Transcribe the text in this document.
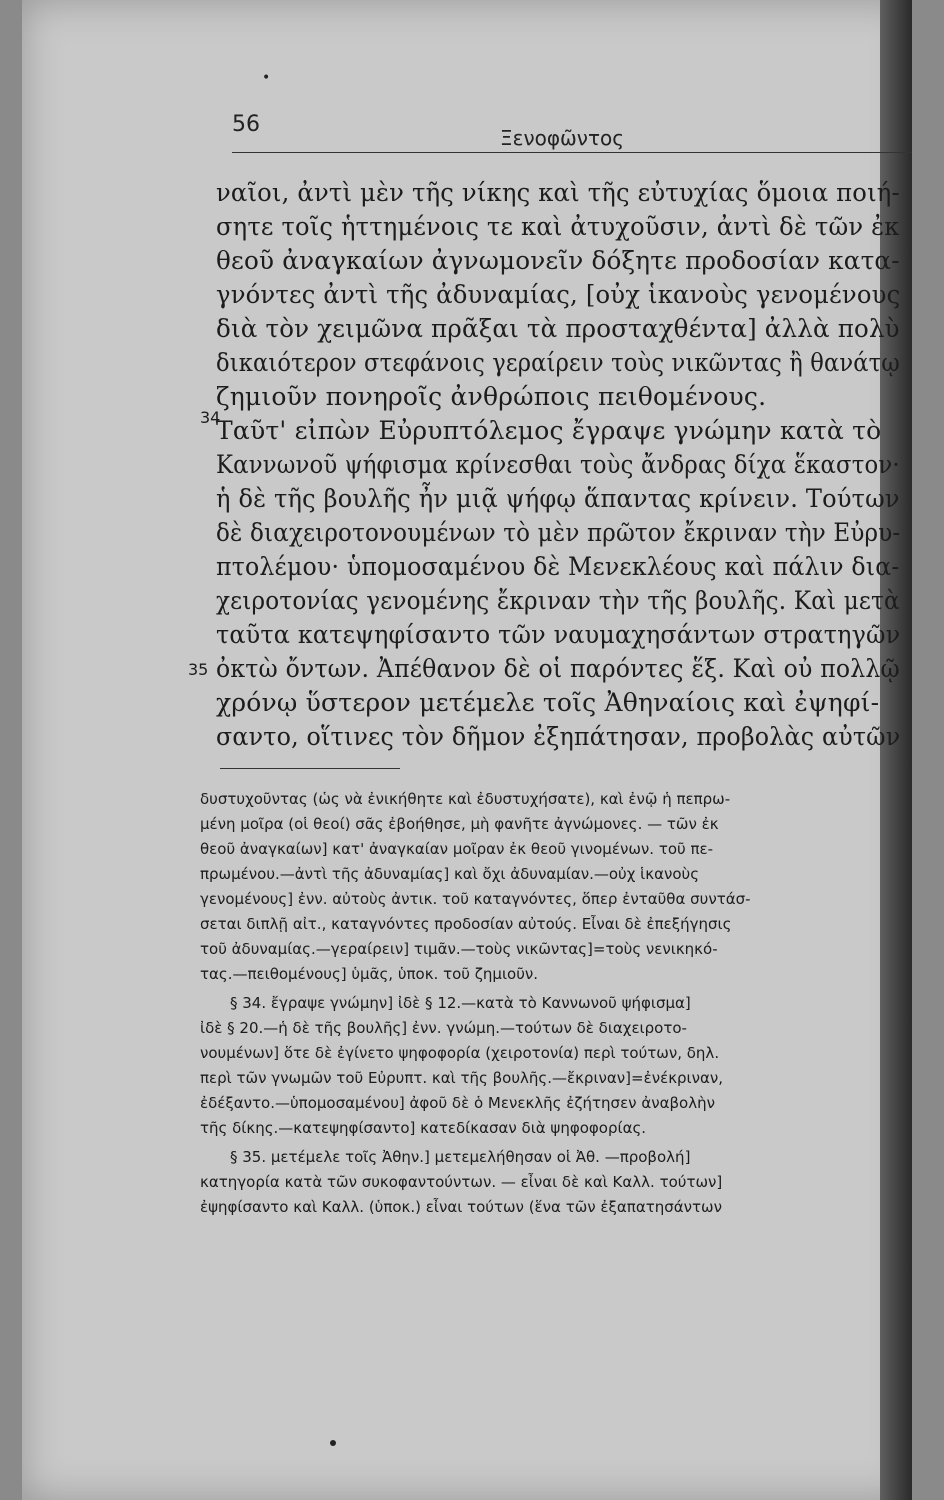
•
56
Ξενοφῶντος
34
35
ναῖοι, ἀντὶ μὲν τῆς νίκης καὶ τῆς εὐτυχίας ὅμοια ποιή-
σητε τοῖς ἡττημένοις τε καὶ ἀτυχοῦσιν, ἀντὶ δὲ τῶν ἐκ
θεοῦ ἀναγκαίων ἀγνωμονεῖν δόξητε προδοσίαν κατα-
γνόντες ἀντὶ τῆς ἀδυναμίας, [οὐχ ἱκανοὺς γενομένους
διὰ τὸν χειμῶνα πρᾶξαι τὰ προσταχθέντα] ἀλλὰ πολὺ
δικαιότερον στεφάνοις γεραίρειν τοὺς νικῶντας ἢ θανάτῳ
ζημιοῦν πονηροῖς ἀνθρώποις πειθομένους.
Ταῦτ' εἰπὼν Εὐρυπτόλεμος ἔγραψε γνώμην κατὰ τὸ
Καννωνοῦ ψήφισμα κρίνεσθαι τοὺς ἄνδρας δίχα ἕκαστον·
ἡ δὲ τῆς βουλῆς ἦν μιᾷ ψήφῳ ἅπαντας κρίνειν. Τούτων
δὲ διαχειροτονουμένων τὸ μὲν πρῶτον ἔκριναν τὴν Εὐρυ-
πτολέμου· ὑπομοσαμένου δὲ Μενεκλέους καὶ πάλιν δια-
χειροτονίας γενομένης ἔκριναν τὴν τῆς βουλῆς. Καὶ μετὰ
ταῦτα κατεψηφίσαντο τῶν ναυμαχησάντων στρατηγῶν
ὀκτὼ ὄντων. Ἀπέθανον δὲ οἱ παρόντες ἕξ. Καὶ οὐ πολλῷ
χρόνῳ ὕστερον μετέμελε τοῖς Ἀθηναίοις καὶ ἐψηφί-
σαντο, οἵτινες τὸν δῆμον ἐξηπάτησαν, προβολὰς αὐτῶν
δυστυχοῦντας (ὡς νὰ ἐνικήθητε καὶ ἐδυστυχήσατε), καὶ ἐνῷ ἡ πεπρω-
μένη μοῖρα (οἱ θεοί) σᾶς ἐβοήθησε, μὴ φανῆτε ἀγνώμονες. — τῶν ἐκ
θεοῦ ἀναγκαίων] κατ' ἀναγκαίαν μοῖραν ἐκ θεοῦ γινομένων. τοῦ πε-
πρωμένου.—ἀντὶ τῆς ἀδυναμίας] καὶ ὄχι ἀδυναμίαν.—οὐχ ἱκανοὺς
γενομένους] ἐνν. αὐτοὺς ἀντικ. τοῦ καταγνόντες, ὅπερ ἐνταῦθα συντάσ-
σεται διπλῇ αἰτ., καταγνόντες προδοσίαν αὐτούς. Εἶναι δὲ ἐπεξήγησις
τοῦ ἀδυναμίας.—γεραίρειν] τιμᾶν.—τοὺς νικῶντας]=τοὺς νενικηκό-
τας.—πειθομένους] ὑμᾶς, ὑποκ. τοῦ ζημιοῦν.
§ 34. ἔγραψε γνώμην] ἰδὲ § 12.—κατὰ τὸ Καννωνοῦ ψήφισμα]
ἰδὲ § 20.—ἡ δὲ τῆς βουλῆς] ἐνν. γνώμη.—τούτων δὲ διαχειροτο-
νουμένων] ὅτε δὲ ἐγίνετο ψηφοφορία (χειροτονία) περὶ τούτων, δηλ.
περὶ τῶν γνωμῶν τοῦ Εὐρυπτ. καὶ τῆς βουλῆς.—ἔκριναν]=ἐνέκριναν,
ἐδέξαντο.—ὑπομοσαμένου] ἀφοῦ δὲ ὁ Μενεκλῆς ἐζήτησεν ἀναβολὴν
τῆς δίκης.—κατεψηφίσαντο] κατεδίκασαν διὰ ψηφοφορίας.
§ 35. μετέμελε τοῖς Ἀθην.] μετεμελήθησαν οἱ Ἀθ. —προβολή]
κατηγορία κατὰ τῶν συκοφαντούντων. — εἶναι δὲ καὶ Καλλ. τούτων]
ἐψηφίσαντο καὶ Καλλ. (ὑποκ.) εἶναι τούτων (ἕνα τῶν ἐξαπατησάντων
